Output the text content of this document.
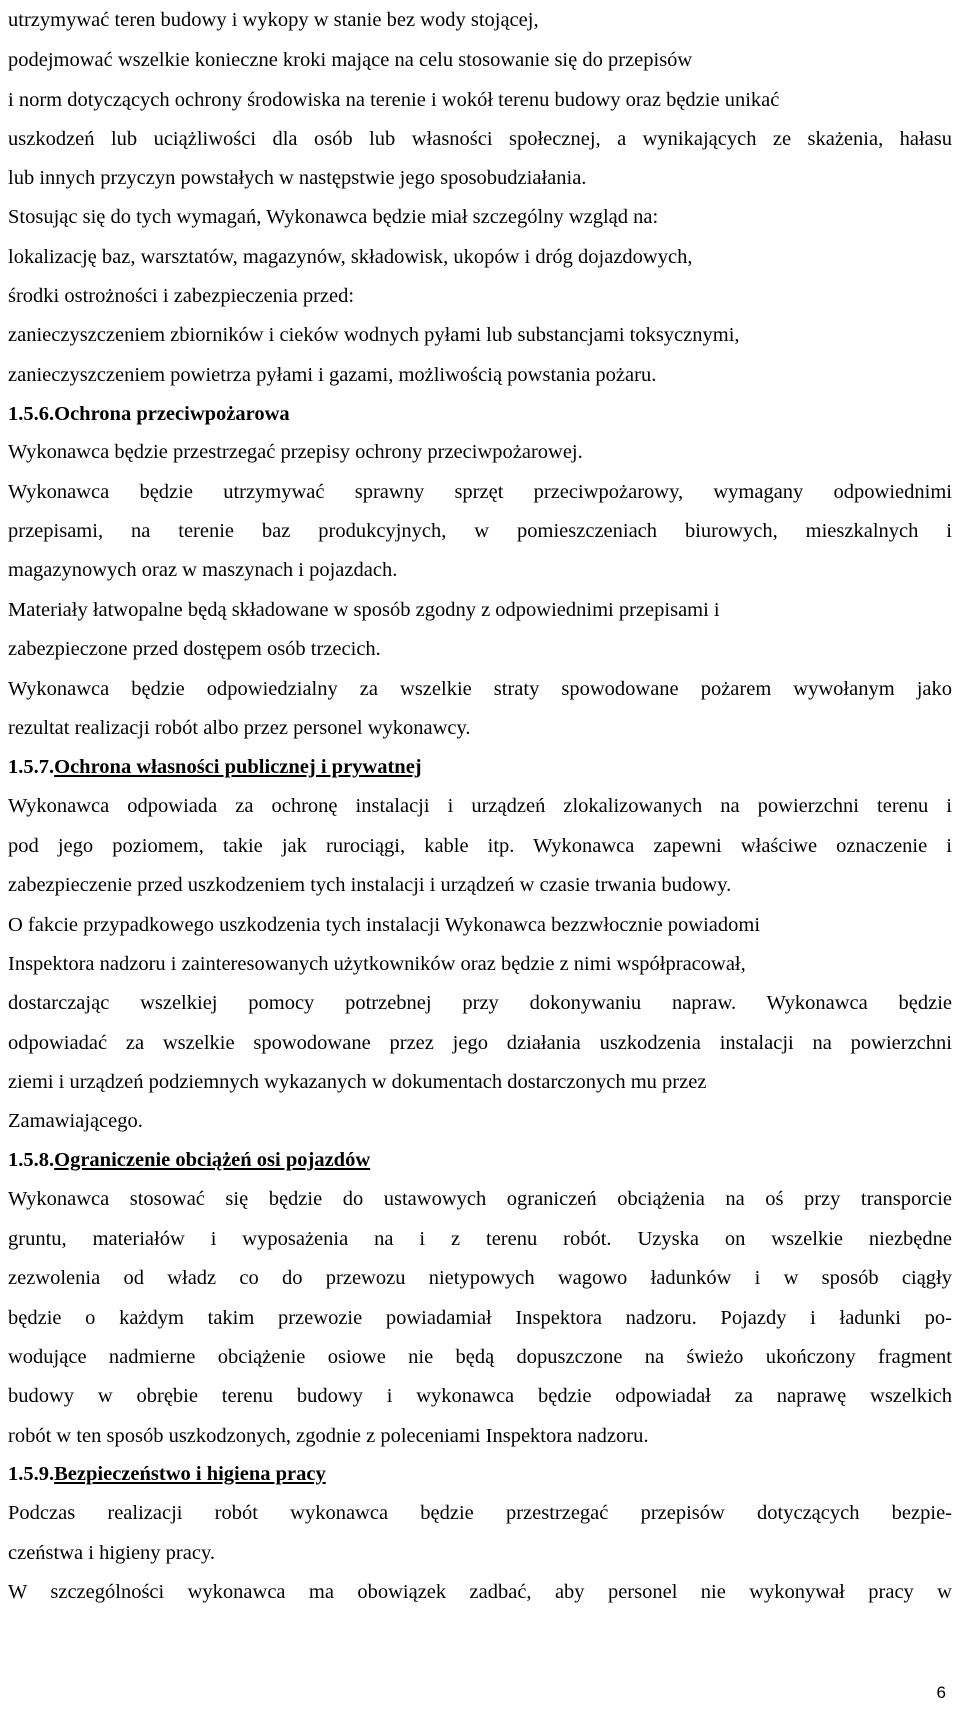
utrzymywać teren budowy i wykopy w stanie bez wody stojącej,
podejmować wszelkie konieczne kroki mające na celu stosowanie się do przepisów
i norm dotyczących ochrony środowiska na terenie i wokół terenu budowy oraz będzie unikać
uszkodzeń lub uciążliwości dla osób lub własności społecznej, a wynikających ze skażenia, hałasu
lub innych przyczyn powstałych w następstwie jego sposobudziałania.
Stosując się do tych wymagań, Wykonawca będzie miał szczególny wzgląd na:
lokalizację baz, warsztatów, magazynów, składowisk, ukopów i dróg dojazdowych,
środki ostrożności i zabezpieczenia przed:
zanieczyszczeniem zbiorników i cieków wodnych pyłami lub substancjami toksycznymi,
zanieczyszczeniem powietrza pyłami i gazami, możliwością powstania pożaru.
1.5.6.Ochrona przeciwpożarowa
Wykonawca będzie przestrzegać przepisy ochrony przeciwpożarowej.
Wykonawca będzie utrzymywać sprawny sprzęt przeciwpożarowy, wymagany odpowiednimi
przepisami, na terenie baz produkcyjnych, w pomieszczeniach biurowych, mieszkalnych i
magazynowych oraz w maszynach i pojazdach.
Materiały łatwopalne będą składowane w sposób zgodny z odpowiednimi przepisami i
zabezpieczone przed dostępem osób trzecich.
Wykonawca będzie odpowiedzialny za wszelkie straty spowodowane pożarem wywołanym jako
rezultat realizacji robót albo przez personel wykonawcy.
1.5.7.Ochrona własności publicznej i prywatnej
Wykonawca odpowiada za ochronę instalacji i urządzeń zlokalizowanych na powierzchni terenu i
pod jego poziomem, takie jak rurociągi, kable itp. Wykonawca zapewni właściwe oznaczenie i
zabezpieczenie przed uszkodzeniem tych instalacji i urządzeń w czasie trwania budowy.
O fakcie przypadkowego uszkodzenia tych instalacji Wykonawca bezzwłocznie powiadomi
Inspektora nadzoru i zainteresowanych użytkowników oraz będzie z nimi współpracował,
dostarczając wszelkiej pomocy potrzebnej przy dokonywaniu napraw. Wykonawca będzie
odpowiadać za wszelkie spowodowane przez jego działania uszkodzenia instalacji na powierzchni
ziemi i urządzeń podziemnych wykazanych w dokumentach dostarczonych mu przez
Zamawiającego.
1.5.8.Ograniczenie obciążeń osi pojazdów
Wykonawca stosować się będzie do ustawowych ograniczeń obciążenia na oś przy transporcie
gruntu, materiałów i wyposażenia na i z terenu robót. Uzyska on wszelkie niezbędne
zezwolenia od władz co do przewozu nietypowych wagowo ładunków i w sposób ciągły
będzie o każdym takim przewozie powiadamiał Inspektora nadzoru. Pojazdy i ładunki po-
wodujące nadmierne obciążenie osiowe nie będą dopuszczone na świeżo ukończony fragment
budowy w obrębie terenu budowy i wykonawca będzie odpowiadał za naprawę wszelkich
robót w ten sposób uszkodzonych, zgodnie z poleceniami Inspektora nadzoru.
1.5.9.Bezpieczeństwo i higiena pracy
Podczas realizacji robót wykonawca będzie przestrzegać przepisów dotyczących bezpie-
czeństwa i higieny pracy.
W szczególności wykonawca ma obowiązek zadbać, aby personel nie wykonywał pracy w
6
